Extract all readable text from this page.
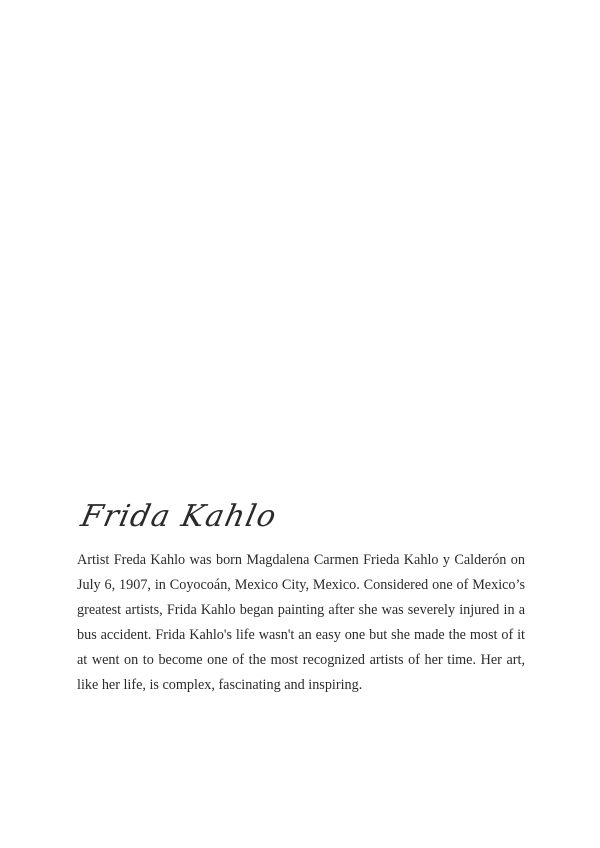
Frida Kahlo

Artist Freda Kahlo was born Magdalena Carmen Frieda Kahlo y Calderón on July 6, 1907, in Coyocoán, Mexico City, Mexico. Considered one of Mexico’s greatest artists, Frida Kahlo began painting after she was severely injured in a bus accident. Frida Kahlo's life wasn't an easy one but she made the most of it at went on to become one of the most recognized artists of her time. Her art, like her life, is complex, fascinating and inspiring.
